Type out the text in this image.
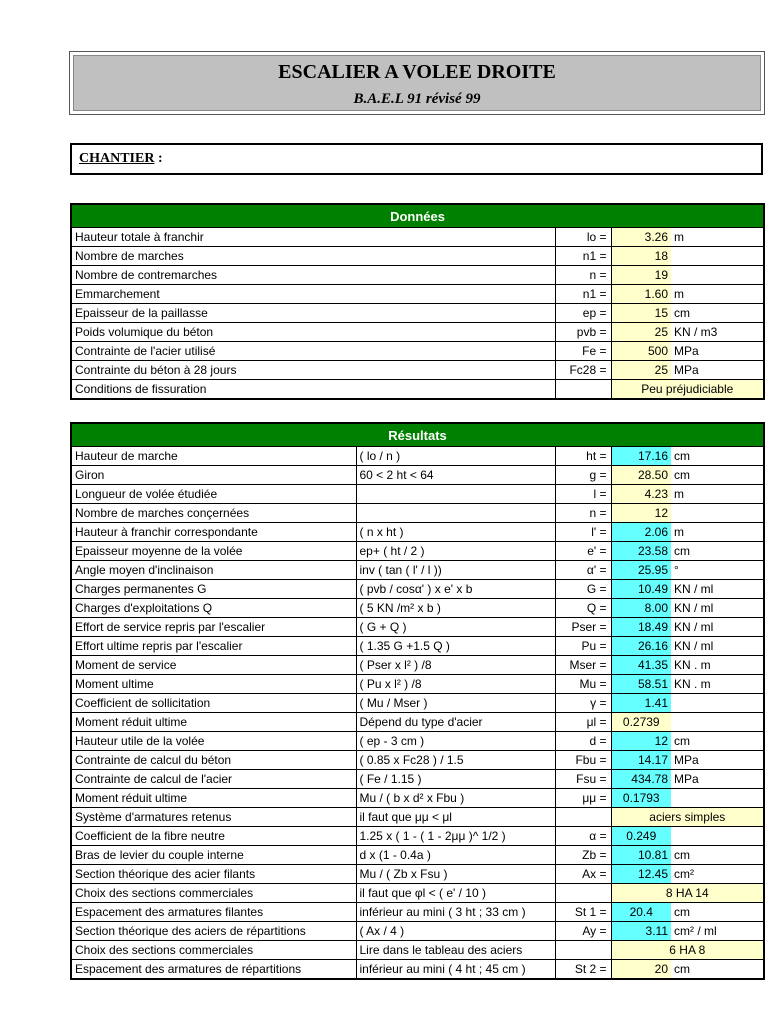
ESCALIER A VOLEE DROITE
B.A.E.L 91 révisé 99
CHANTIER :
Données			
Hauteur totale à franchir	lo =	3.26	m
Nombre de marches	n1 =	18	
Nombre de contremarches	n =	19	
Emmarchement	n1 =	1.60	m
Epaisseur de la paillasse	ep =	15	cm
Poids volumique du béton	pvb =	25	KN / m3
Contrainte de l'acier utilisé	Fe =	500	MPa
Contrainte du béton à 28 jours	Fc28 =	25	MPa
Conditions de fissuration		Peu préjudiciable	
Résultats				
Hauteur de marche	( lo / n )	ht =	17.16	cm
Giron	60 < 2 ht < 64	g =	28.50	cm
Longueur de volée étudiée		l =	4.23	m
Nombre de marches conçernées		n =	12	
Hauteur à franchir correspondante	( n x ht )	l' =	2.06	m
Epaisseur moyenne de la volée	ep+ ( ht / 2 )	e' =	23.58	cm
Angle moyen d'inclinaison	inv ( tan ( l' / l ))	α' =	25.95	°
Charges permanentes G	( pvb / cosα' ) x e' x b	G =	10.49	KN / ml
Charges d'exploitations Q	( 5 KN /m² x b )	Q =	8.00	KN / ml
Effort de service repris par l'escalier	( G + Q )	Pser =	18.49	KN / ml
Effort ultime repris par l'escalier	( 1.35 G +1.5 Q )	Pu =	26.16	KN / ml
Moment de service	( Pser x l² ) /8	Mser =	41.35	KN . m
Moment ultime	( Pu x l² ) /8	Mu =	58.51	KN . m
Coefficient de sollicitation	( Mu / Mser )	γ =	1.41	
Moment réduit ultime	Dépend du type d'acier	μl =	0.2739	
Hauteur utile de la volée	( ep - 3 cm )	d =	12	cm
Contrainte de calcul du béton	( 0.85 x Fc28 ) / 1.5	Fbu =	14.17	MPa
Contrainte de calcul de l'acier	( Fe / 1.15 )	Fsu =	434.78	MPa
Moment réduit ultime	Mu / ( b x d² x Fbu )	μμ =	0.1793	
Système d'armatures retenus	il faut que μμ < μl		aciers simples	
Coefficient de la fibre neutre	1.25 x ( 1 - ( 1 - 2μμ )^ 1/2 )	α =	0.249	
Bras de levier du couple interne	d x (1 - 0.4a )	Zb =	10.81	cm
Section théorique des acier filants	Mu / ( Zb x Fsu )	Ax =	12.45	cm²
Choix des sections commerciales	il faut que φl < ( e' / 10 )		8 HA 14	
Espacement des armatures filantes	inférieur au mini ( 3 ht ; 33 cm )	St 1 =	20.4	cm
Section théorique des aciers de répartitions	( Ax / 4 )	Ay =	3.11	cm² / ml
Choix des sections commerciales	Lire dans le tableau des aciers		6 HA 8	
Espacement des armatures de répartitions	inférieur au mini ( 4 ht ; 45 cm )	St 2 =	20	cm
